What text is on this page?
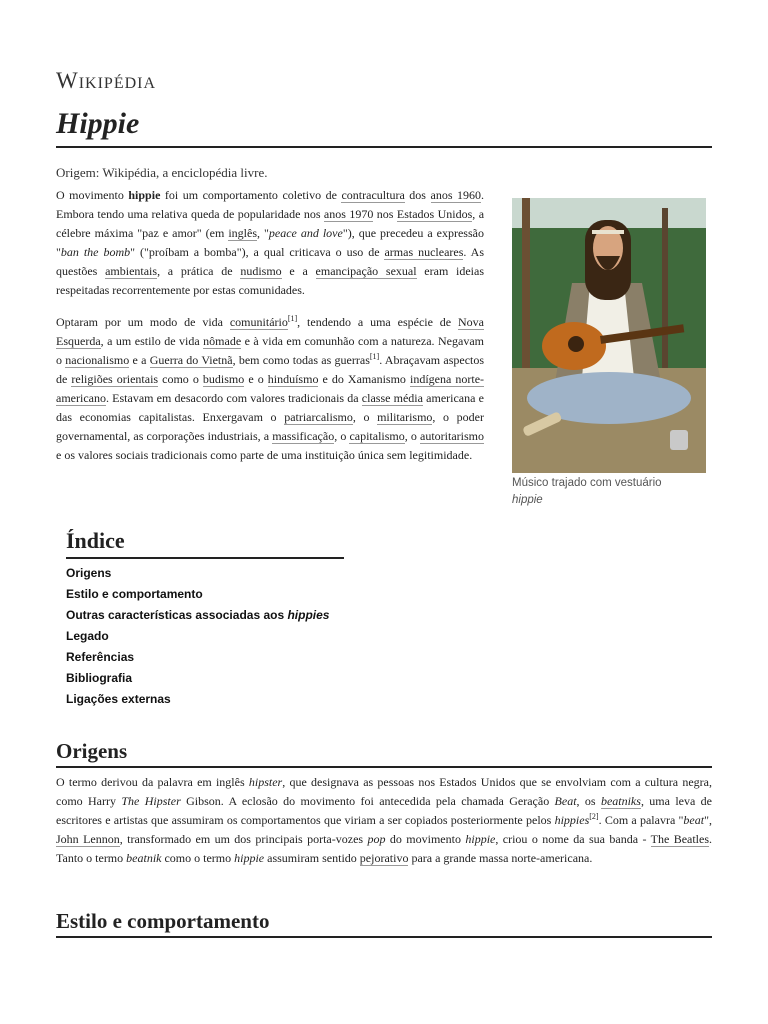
Wikipédia
Hippie
Origem: Wikipédia, a enciclopédia livre.
O movimento hippie foi um comportamento coletivo de contracultura dos anos 1960. Embora tendo uma relativa queda de popularidade nos anos 1970 nos Estados Unidos, a célebre máxima "paz e amor" (em inglês, "peace and love"), que precedeu a expressão "ban the bomb" ("proíbam a bomba"), a qual criticava o uso de armas nucleares. As questões ambientais, a prática de nudismo e a emancipação sexual eram ideias respeitadas recorrentemente por estas comunidades.
Optaram por um modo de vida comunitário[1], tendendo a uma espécie de Nova Esquerda, a um estilo de vida nômade e à vida em comunhão com a natureza. Negavam o nacionalismo e a Guerra do Vietnã, bem como todas as guerras[1]. Abraçavam aspectos de religiões orientais como o budismo e o hinduísmo e do Xamanismo indígena norte-americano. Estavam em desacordo com valores tradicionais da classe média americana e das economias capitalistas. Enxergavam o patriarcalismo, o militarismo, o poder governamental, as corporações industriais, a massificação, o capitalismo, o autoritarismo e os valores sociais tradicionais como parte de uma instituição única sem legitimidade.
Músico trajado com vestuário
hippie
Índice
Origens
Estilo e comportamento
Outras características associadas aos hippies
Legado
Referências
Bibliografia
Ligações externas
Origens
O termo derivou da palavra em inglês hipster, que designava as pessoas nos Estados Unidos que se envolviam com a cultura negra, como Harry The Hipster Gibson. A eclosão do movimento foi antecedida pela chamada Geração Beat, os beatniks, uma leva de escritores e artistas que assumiram os comportamentos que viriam a ser copiados posteriormente pelos hippies[2]. Com a palavra "beat", John Lennon, transformado em um dos principais porta-vozes pop do movimento hippie, criou o nome da sua banda - The Beatles. Tanto o termo beatnik como o termo hippie assumiram sentido pejorativo para a grande massa norte-americana.
Estilo e comportamento
